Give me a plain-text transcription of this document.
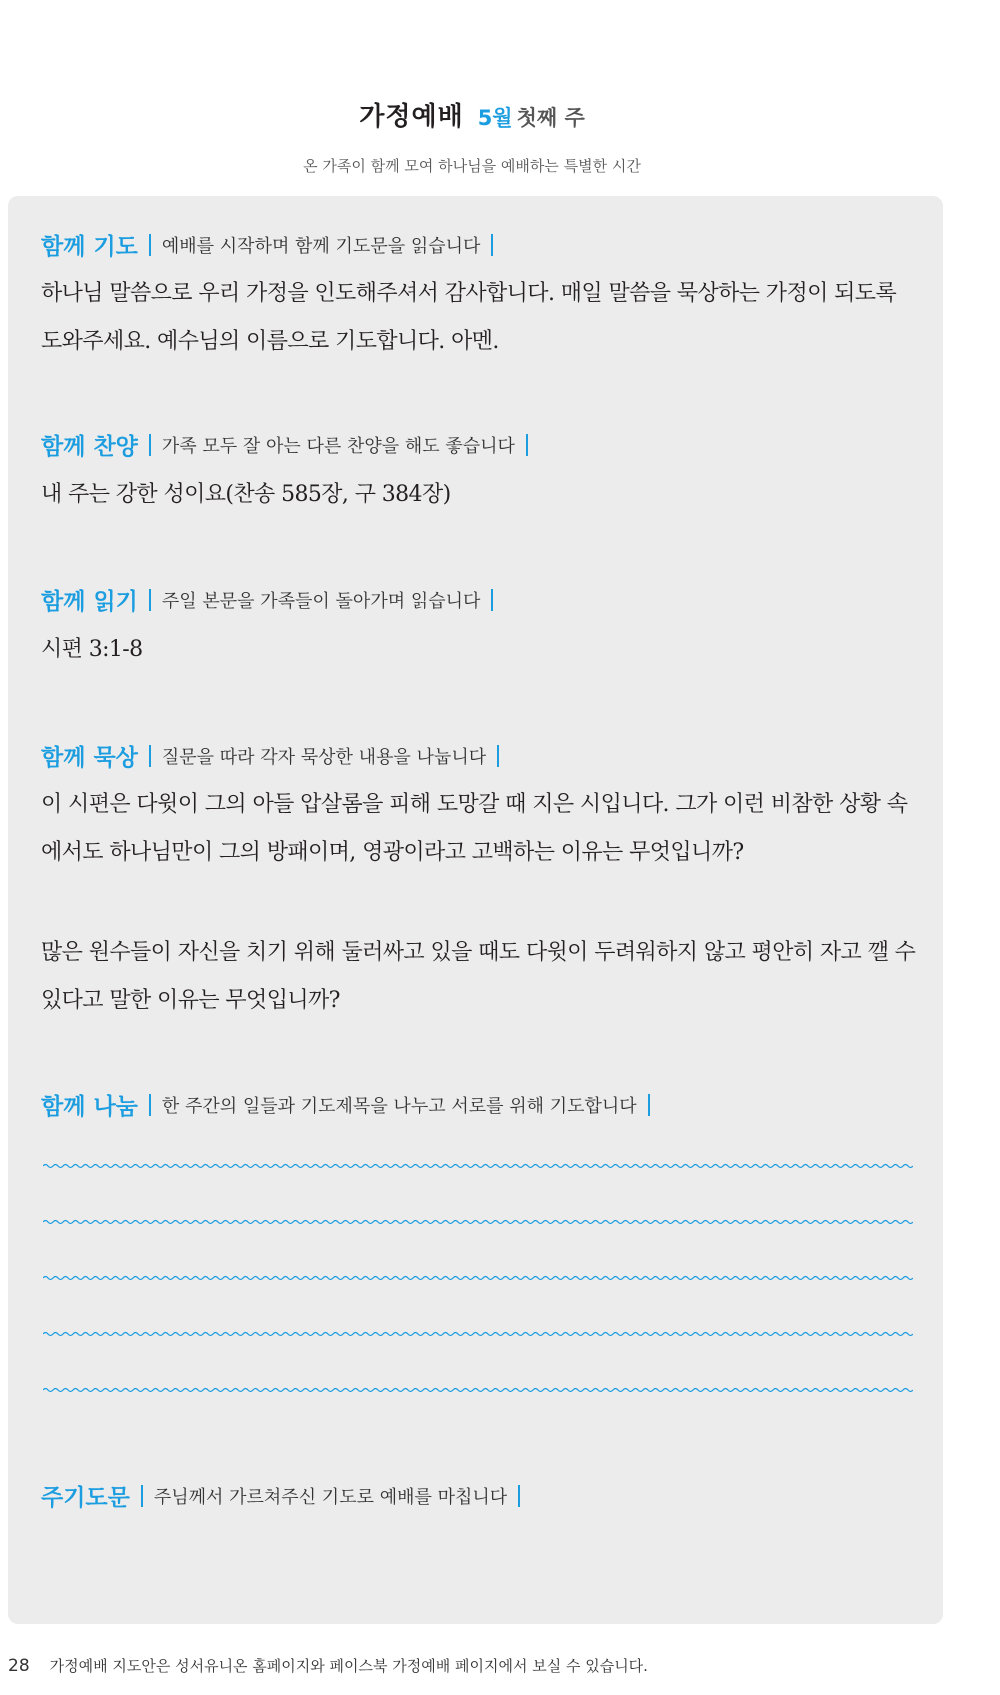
가정예배 5월 첫째 주
온 가족이 함께 모여 하나님을 예배하는 특별한 시간
함께 기도 예배를 시작하며 함께 기도문을 읽습니다

하나님 말씀으로 우리 가정을 인도해주셔서 감사합니다. 매일 말씀을 묵상하는 가정이 되도록 도와주세요. 예수님의 이름으로 기도합니다. 아멘.

함께 찬양 가족 모두 잘 아는 다른 찬양을 해도 좋습니다

내 주는 강한 성이요(찬송 585장, 구 384장)

함께 읽기 주일 본문을 가족들이 돌아가며 읽습니다

시편 3:1-8

함께 묵상 질문을 따라 각자 묵상한 내용을 나눕니다

이 시편은 다윗이 그의 아들 압살롬을 피해 도망갈 때 지은 시입니다. 그가 이런 비참한 상황 속에서도 하나님만이 그의 방패이며, 영광이라고 고백하는 이유는 무엇입니까?

많은 원수들이 자신을 치기 위해 둘러싸고 있을 때도 다윗이 두려워하지 않고 평안히 자고 깰 수 있다고 말한 이유는 무엇입니까?

함께 나눔 한 주간의 일들과 기도제목을 나누고 서로를 위해 기도합니다
주기도문 주님께서 가르쳐주신 기도로 예배를 마칩니다
28 가정예배 지도안은 성서유니온 홈페이지와 페이스북 가정예배 페이지에서 보실 수 있습니다.
